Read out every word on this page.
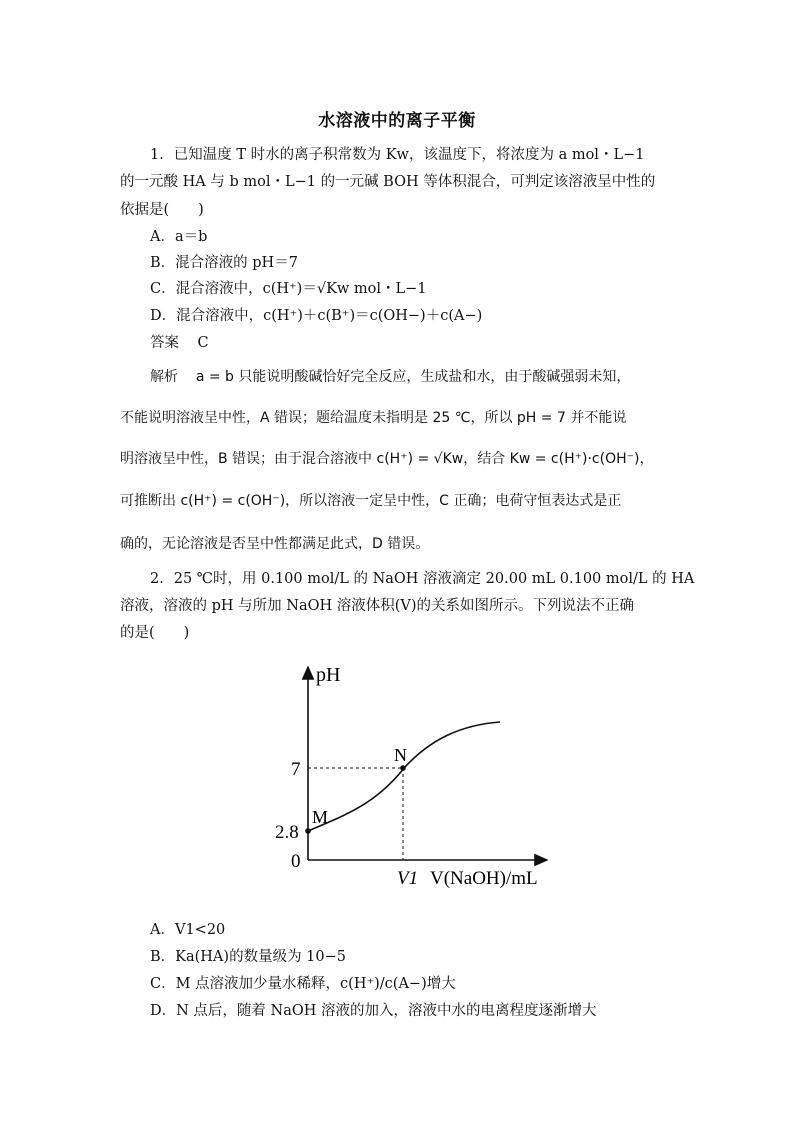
水溶液中的离子平衡
1．已知温度 T 时水的离子积常数为 Kw，该温度下，将浓度为 a mol・L−1
的一元酸 HA 与 b mol・L−1 的一元碱 BOH 等体积混合，可判定该溶液呈中性的
依据是(　　)
A．a＝b
B．混合溶液的 pH＝7
C．混合溶液中，c(H⁺)＝√Kw mol・L−1
D．混合溶液中，c(H⁺)＋c(B⁺)＝c(OH−)＋c(A−)
答案 C
解析 a = b 只能说明酸碱恰好完全反应，生成盐和水，由于酸碱强弱未知，
不能说明溶液呈中性，A 错误；题给温度未指明是 25 ℃，所以 pH = 7 并不能说
明溶液呈中性，B 错误；由于混合溶液中 c(H⁺) = √Kw，结合 Kw = c(H⁺)·c(OH⁻)，
可推断出 c(H⁺) = c(OH⁻)，所以溶液一定呈中性，C 正确；电荷守恒表达式是正
确的，无论溶液是否呈中性都满足此式，D 错误。
2．25 ℃时，用 0.100 mol/L 的 NaOH 溶液滴定 20.00 mL 0.100 mol/L 的 HA
溶液，溶液的 pH 与所加 NaOH 溶液体积(V)的关系如图所示。下列说法不正确
的是(　　)
pH
7
2.8
0
M
N
V1 V(NaOH)/mL
A．V1<20
B．Ka(HA)的数量级为 10−5
C．M 点溶液加少量水稀释，c(H⁺)/c(A−)增大
D．N 点后，随着 NaOH 溶液的加入，溶液中水的电离程度逐渐增大
